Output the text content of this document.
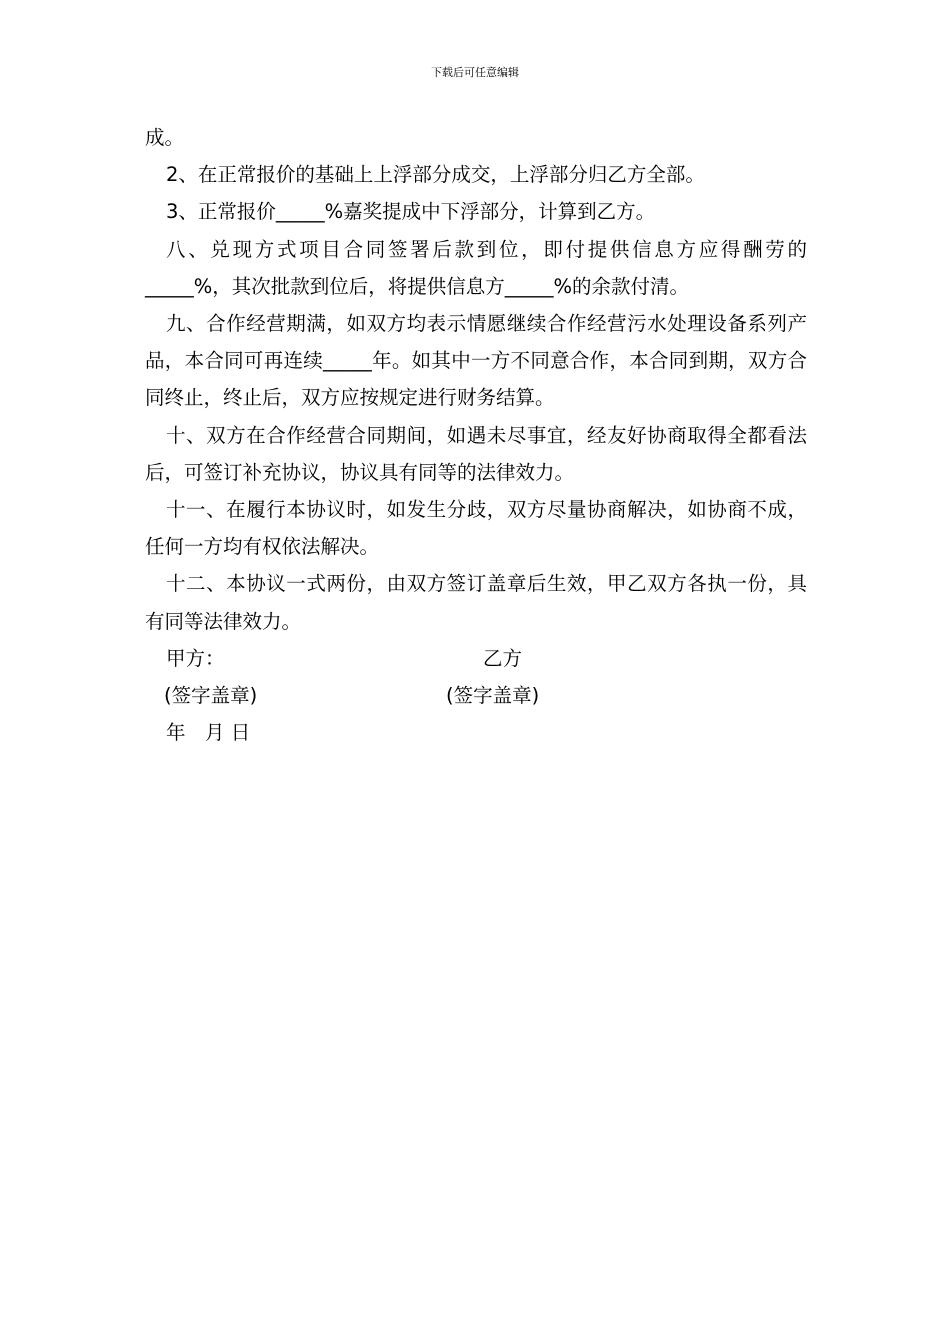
下载后可任意编辑

成。

2、在正常报价的基础上上浮部分成交，上浮部分归乙方全部。

3、正常报价_____%嘉奖提成中下浮部分，计算到乙方。

八、兑现方式项目合同签署后款到位，即付提供信息方应得酬劳的_____%，其次批款到位后，将提供信息方_____%的余款付清。

九、合作经营期满，如双方均表示情愿继续合作经营污水处理设备系列产品，本合同可再连续_____年。如其中一方不同意合作，本合同到期，双方合同终止，终止后，双方应按规定进行财务结算。

十、双方在合作经营合同期间，如遇未尽事宜，经友好协商取得全都看法后，可签订补充协议，协议具有同等的法律效力。

十一、在履行本协议时，如发生分歧，双方尽量协商解决，如协商不成，任何一方均有权依法解决。

十二、本协议一式两份，由双方签订盖章后生效，甲乙双方各执一份，具有同等法律效力。

甲方：	乙方
(签字盖章)	(签字盖章)
年　月 日
